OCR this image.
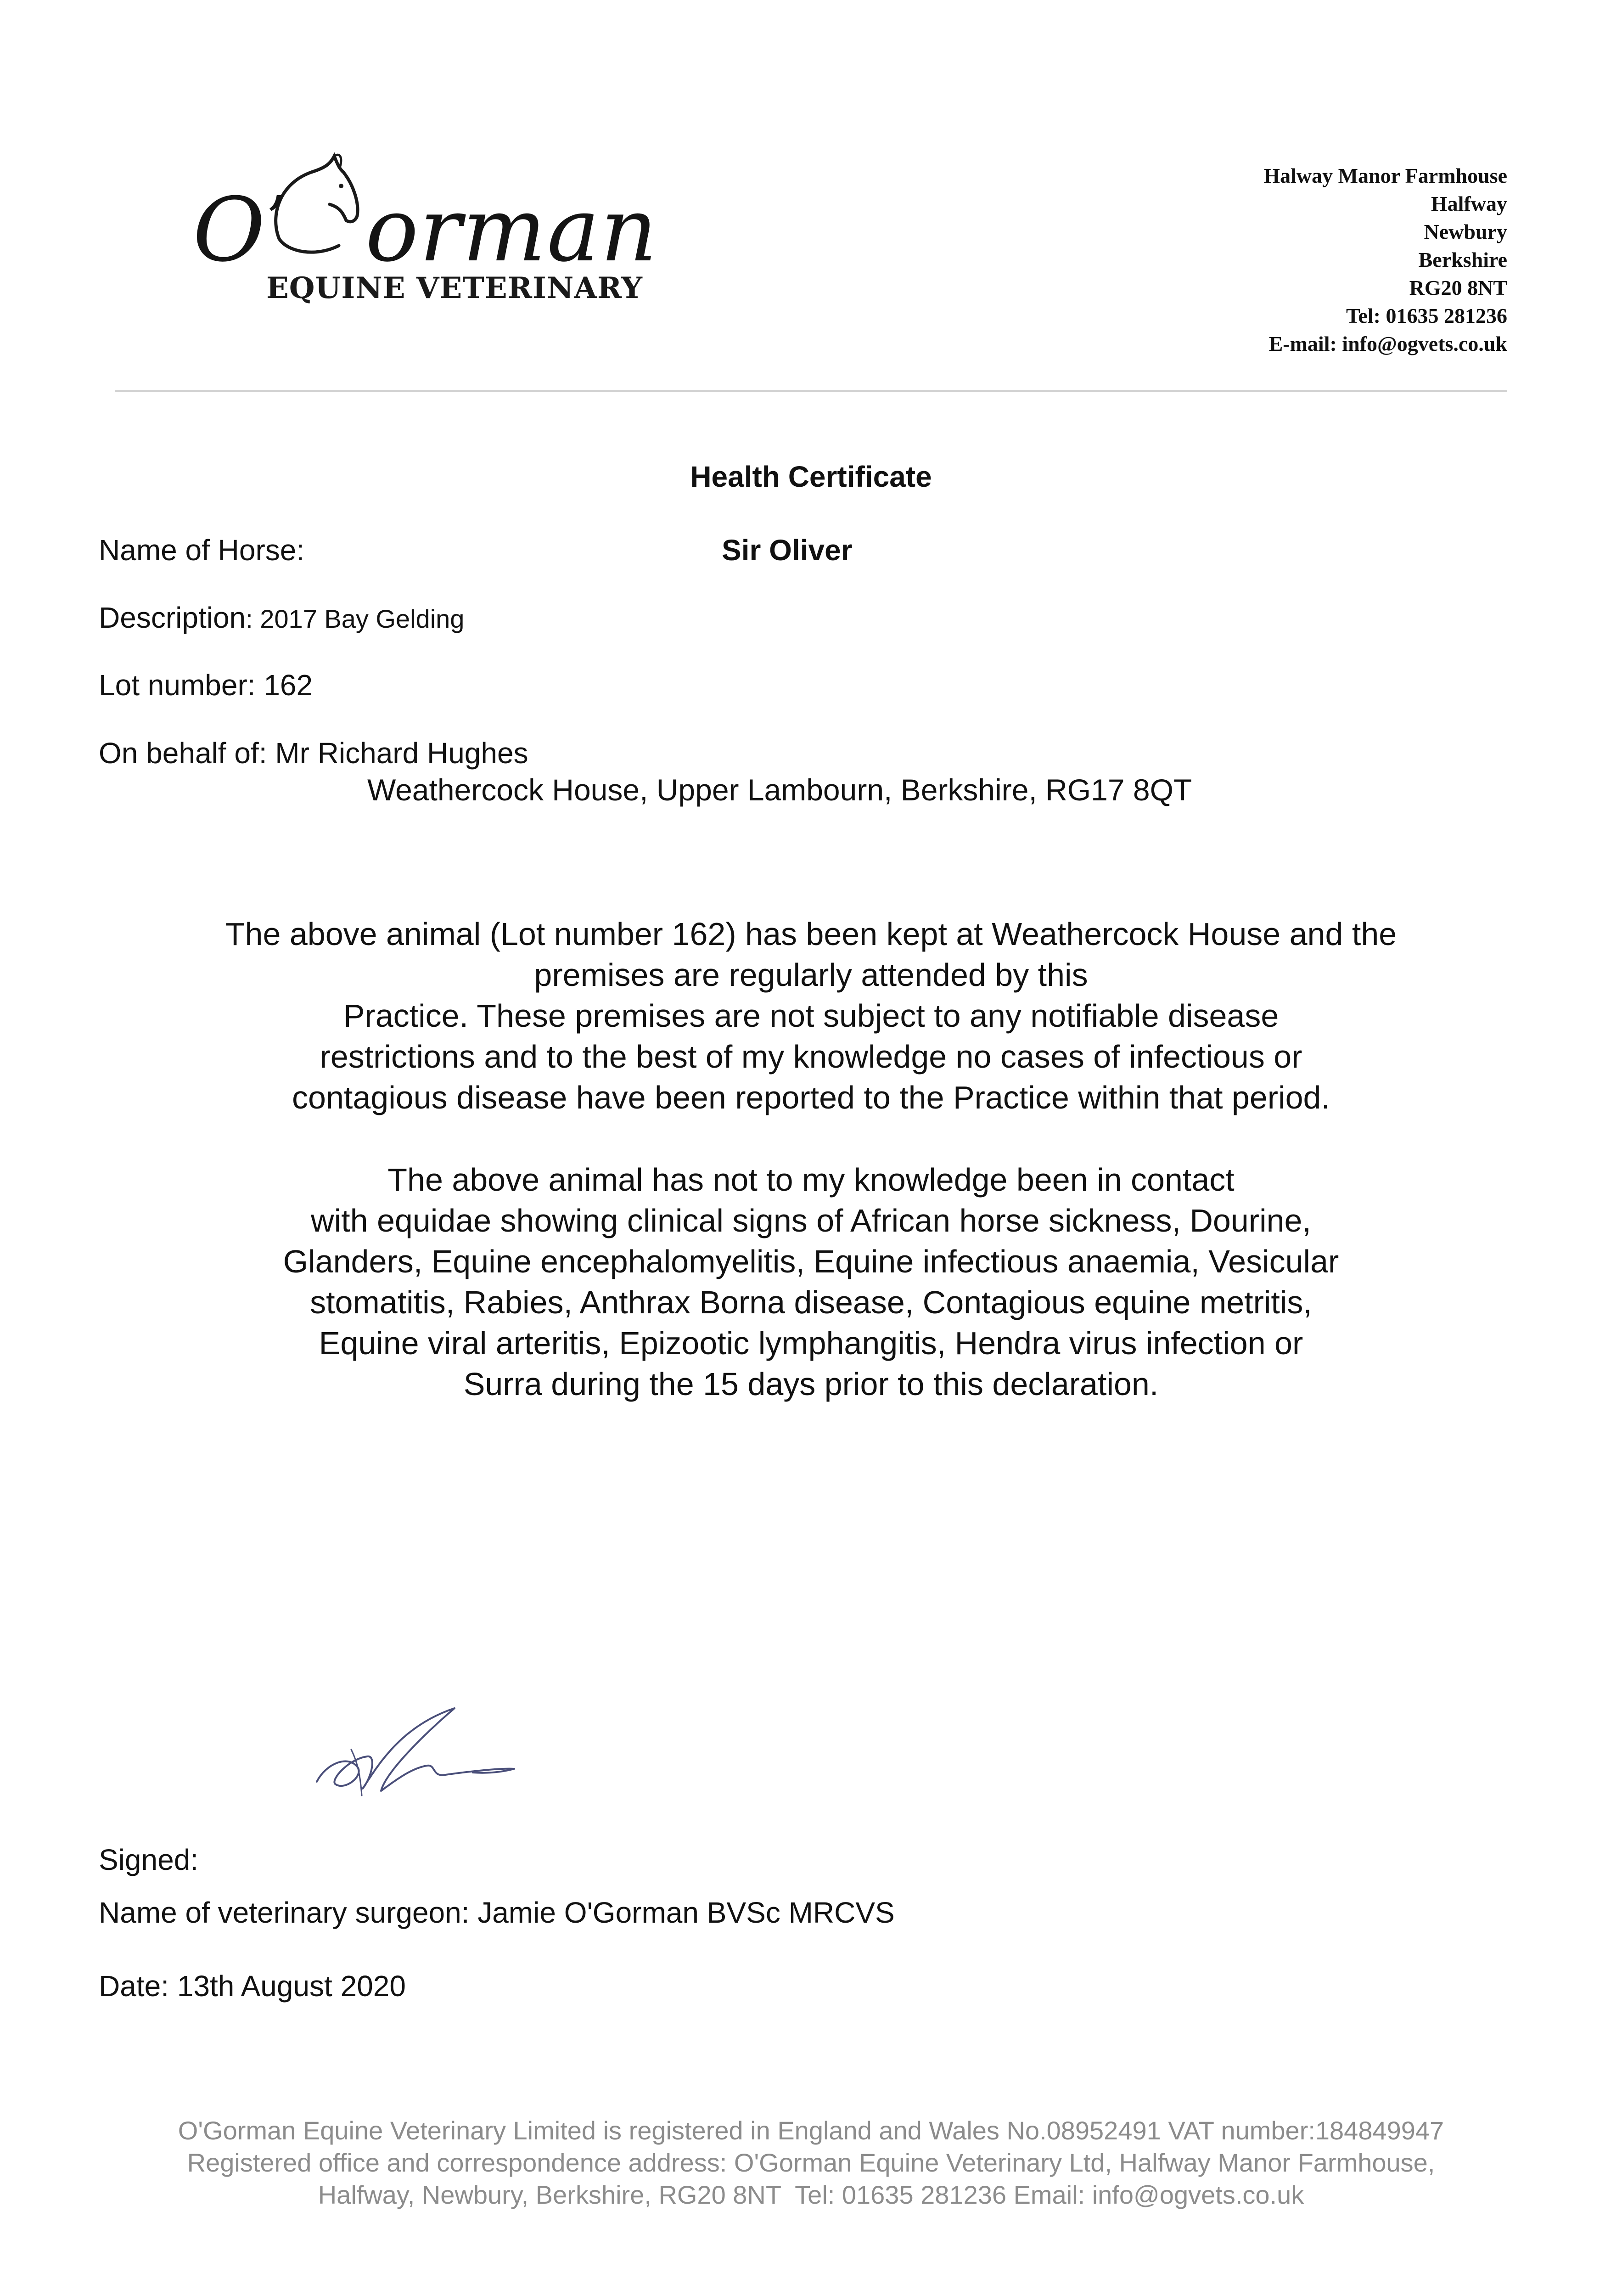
O’ orman
EQUINE VETERINARY
Halway Manor Farmhouse
Halfway
Newbury
Berkshire
RG20 8NT
Tel: 01635 281236
E-mail: info@ogvets.co.uk
Health Certificate
Name of Horse:	Sir Oliver
Description: 2017 Bay Gelding
Lot number: 162
On behalf of: Mr Richard Hughes
Weathercock House, Upper Lambourn, Berkshire, RG17 8QT
The above animal (Lot number 162) has been kept at Weathercock House and the
premises are regularly attended by this
Practice. These premises are not subject to any notifiable disease
restrictions and to the best of my knowledge no cases of infectious or
contagious disease have been reported to the Practice within that period.
The above animal has not to my knowledge been in contact
with equidae showing clinical signs of African horse sickness, Dourine,
Glanders, Equine encephalomyelitis, Equine infectious anaemia, Vesicular
stomatitis, Rabies, Anthrax Borna disease, Contagious equine metritis,
Equine viral arteritis, Epizootic lymphangitis, Hendra virus infection or
Surra during the 15 days prior to this declaration.
Signed:
Name of veterinary surgeon: Jamie O'Gorman BVSc MRCVS
Date: 13th August 2020
O'Gorman Equine Veterinary Limited is registered in England and Wales No.08952491 VAT number:184849947
Registered office and correspondence address: O'Gorman Equine Veterinary Ltd, Halfway Manor Farmhouse,
Halfway, Newbury, Berkshire, RG20 8NT  Tel: 01635 281236 Email: info@ogvets.co.uk
